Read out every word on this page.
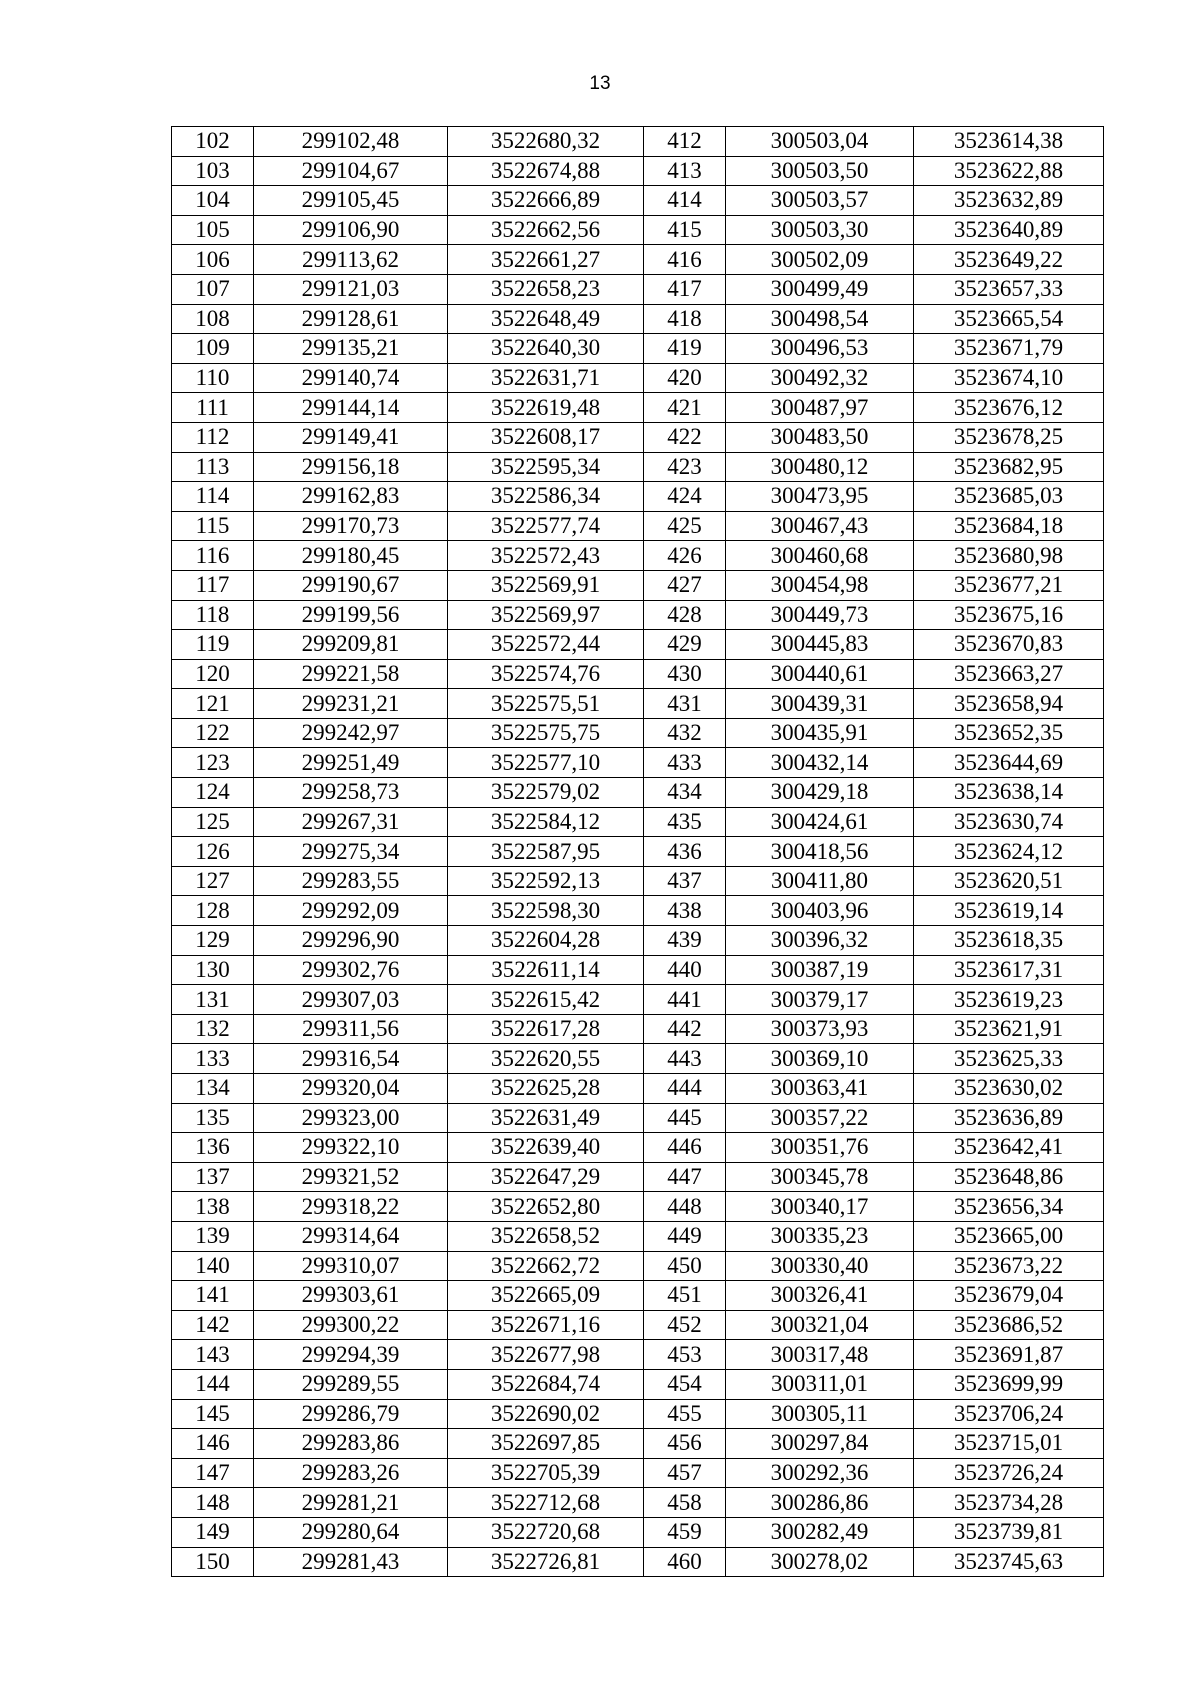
13
102	299102,48	3522680,32	412	300503,04	3523614,38
103	299104,67	3522674,88	413	300503,50	3523622,88
104	299105,45	3522666,89	414	300503,57	3523632,89
105	299106,90	3522662,56	415	300503,30	3523640,89
106	299113,62	3522661,27	416	300502,09	3523649,22
107	299121,03	3522658,23	417	300499,49	3523657,33
108	299128,61	3522648,49	418	300498,54	3523665,54
109	299135,21	3522640,30	419	300496,53	3523671,79
110	299140,74	3522631,71	420	300492,32	3523674,10
111	299144,14	3522619,48	421	300487,97	3523676,12
112	299149,41	3522608,17	422	300483,50	3523678,25
113	299156,18	3522595,34	423	300480,12	3523682,95
114	299162,83	3522586,34	424	300473,95	3523685,03
115	299170,73	3522577,74	425	300467,43	3523684,18
116	299180,45	3522572,43	426	300460,68	3523680,98
117	299190,67	3522569,91	427	300454,98	3523677,21
118	299199,56	3522569,97	428	300449,73	3523675,16
119	299209,81	3522572,44	429	300445,83	3523670,83
120	299221,58	3522574,76	430	300440,61	3523663,27
121	299231,21	3522575,51	431	300439,31	3523658,94
122	299242,97	3522575,75	432	300435,91	3523652,35
123	299251,49	3522577,10	433	300432,14	3523644,69
124	299258,73	3522579,02	434	300429,18	3523638,14
125	299267,31	3522584,12	435	300424,61	3523630,74
126	299275,34	3522587,95	436	300418,56	3523624,12
127	299283,55	3522592,13	437	300411,80	3523620,51
128	299292,09	3522598,30	438	300403,96	3523619,14
129	299296,90	3522604,28	439	300396,32	3523618,35
130	299302,76	3522611,14	440	300387,19	3523617,31
131	299307,03	3522615,42	441	300379,17	3523619,23
132	299311,56	3522617,28	442	300373,93	3523621,91
133	299316,54	3522620,55	443	300369,10	3523625,33
134	299320,04	3522625,28	444	300363,41	3523630,02
135	299323,00	3522631,49	445	300357,22	3523636,89
136	299322,10	3522639,40	446	300351,76	3523642,41
137	299321,52	3522647,29	447	300345,78	3523648,86
138	299318,22	3522652,80	448	300340,17	3523656,34
139	299314,64	3522658,52	449	300335,23	3523665,00
140	299310,07	3522662,72	450	300330,40	3523673,22
141	299303,61	3522665,09	451	300326,41	3523679,04
142	299300,22	3522671,16	452	300321,04	3523686,52
143	299294,39	3522677,98	453	300317,48	3523691,87
144	299289,55	3522684,74	454	300311,01	3523699,99
145	299286,79	3522690,02	455	300305,11	3523706,24
146	299283,86	3522697,85	456	300297,84	3523715,01
147	299283,26	3522705,39	457	300292,36	3523726,24
148	299281,21	3522712,68	458	300286,86	3523734,28
149	299280,64	3522720,68	459	300282,49	3523739,81
150	299281,43	3522726,81	460	300278,02	3523745,63
